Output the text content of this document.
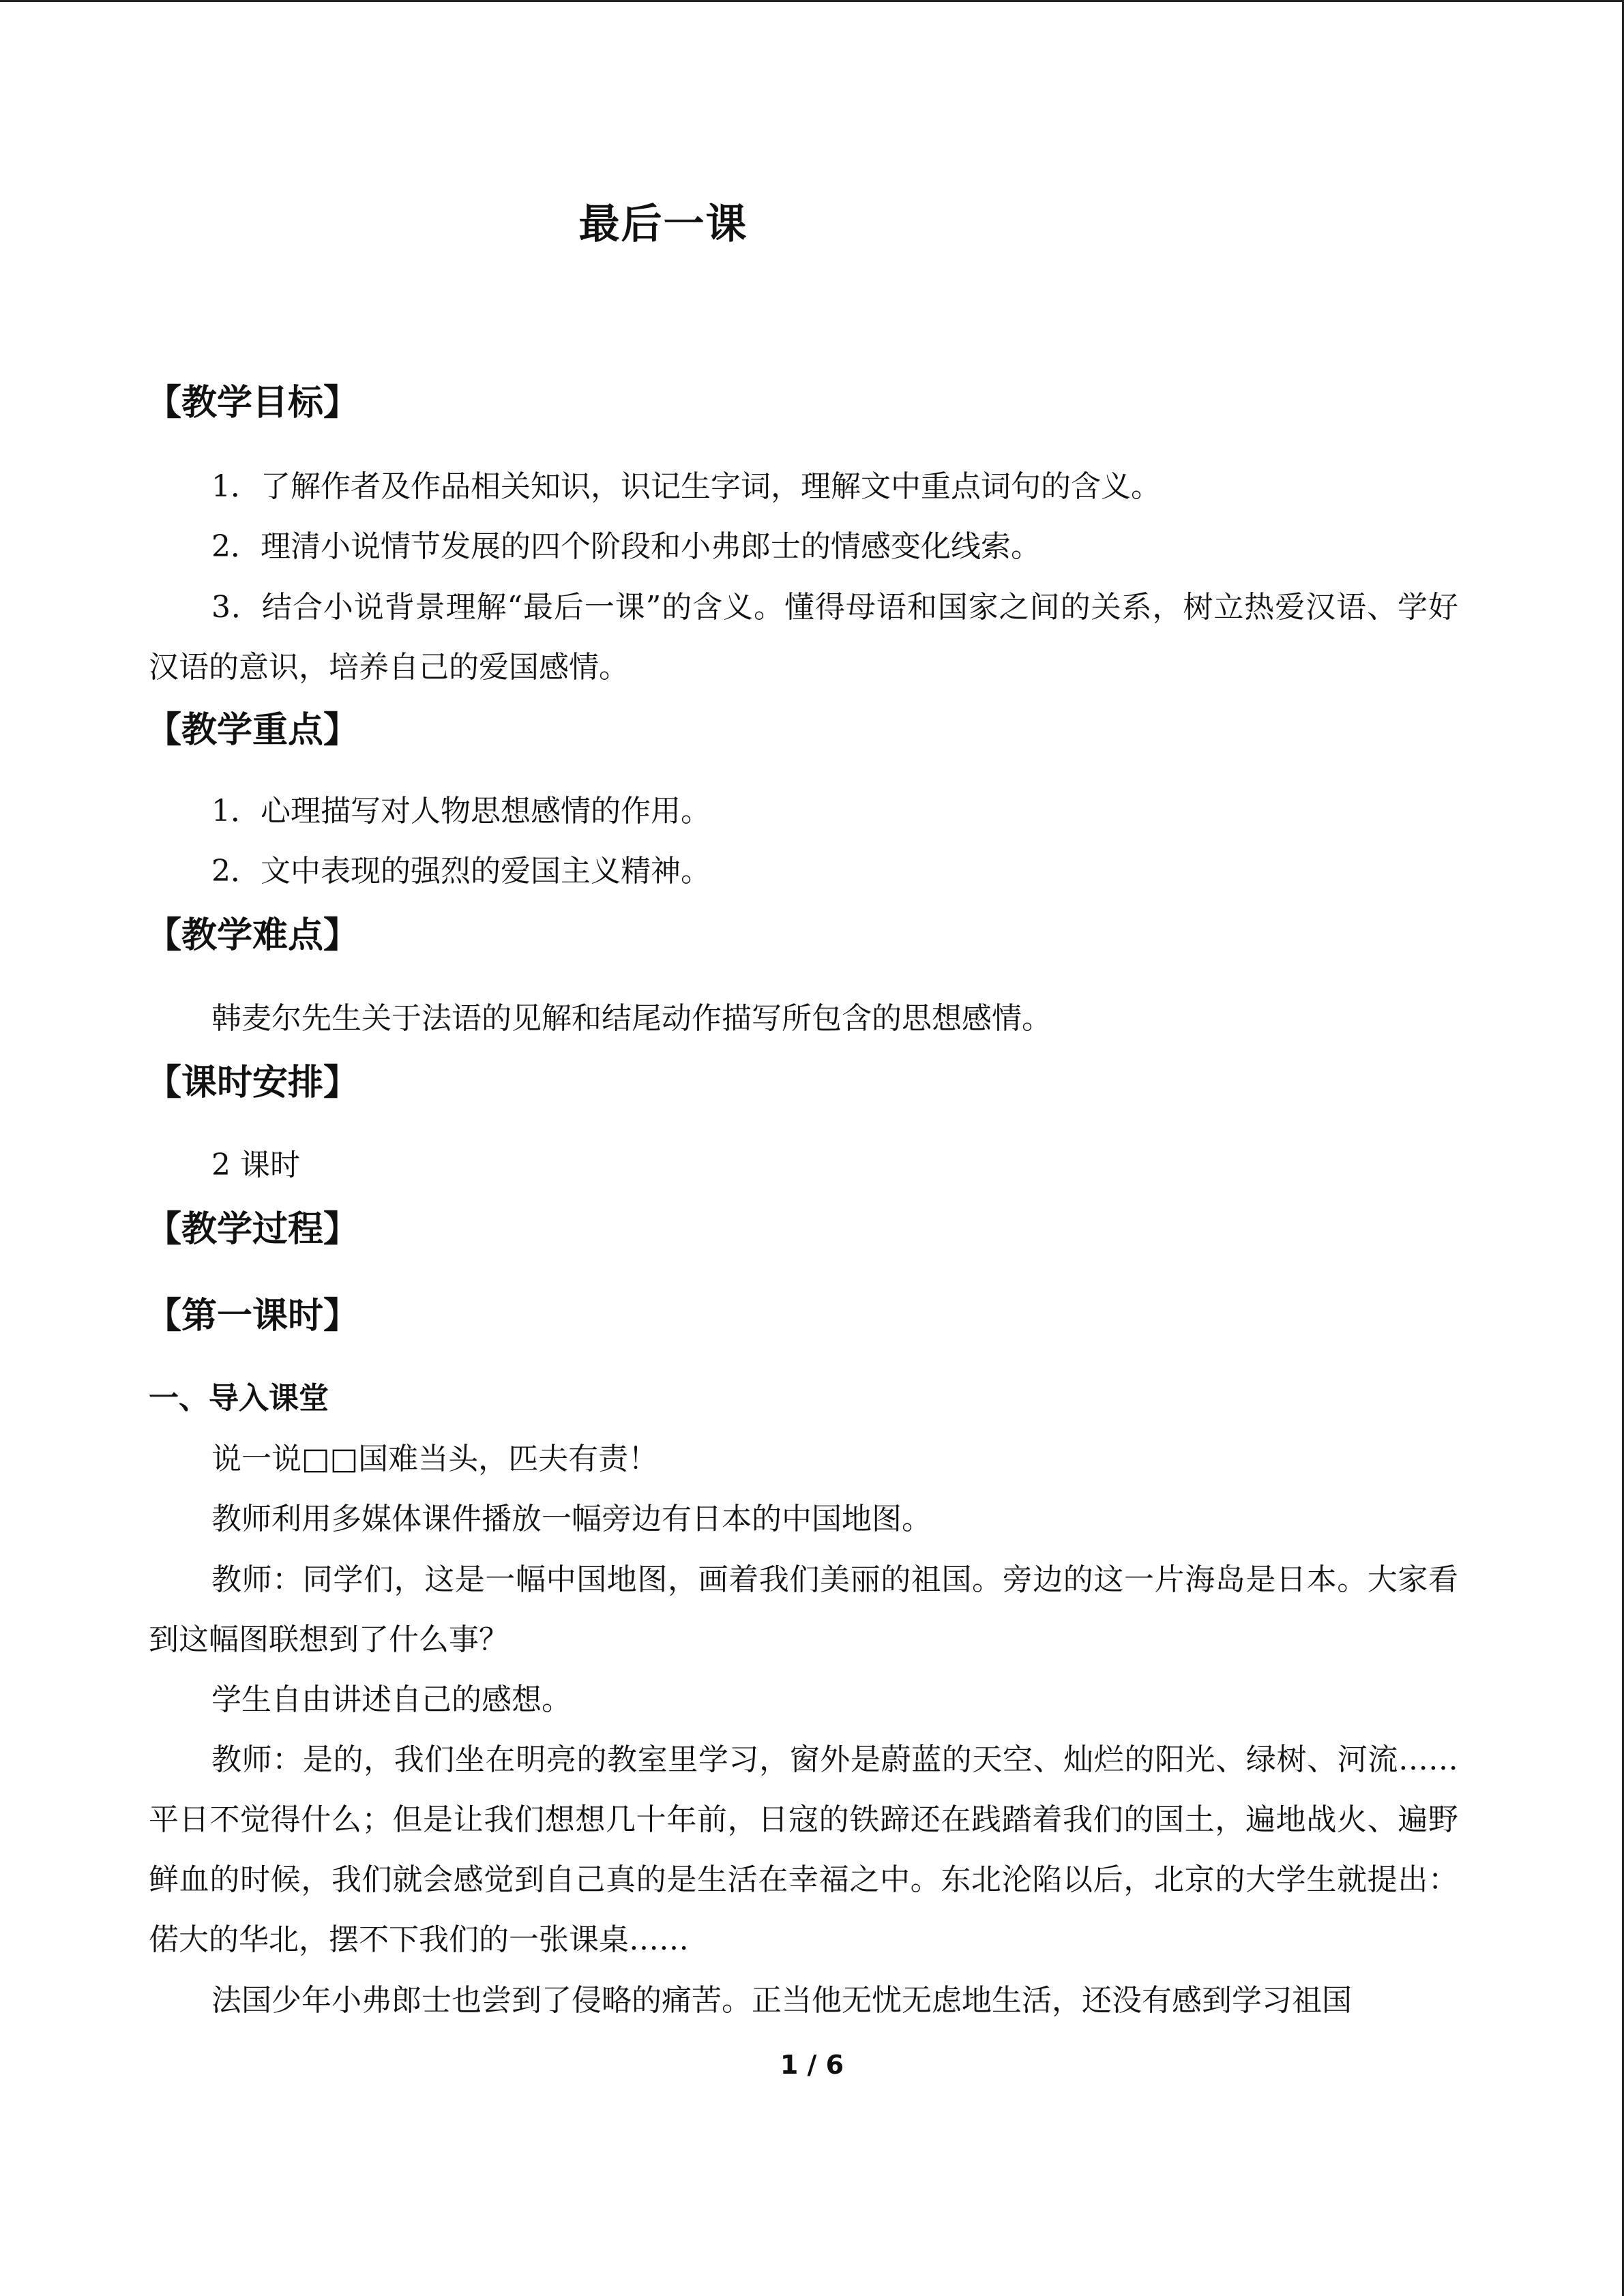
最后一课
【教学目标】
1．了解作者及作品相关知识，识记生字词，理解文中重点词句的含义。
2．理清小说情节发展的四个阶段和小弗郎士的情感变化线索。
3．结合小说背景理解“最后一课”的含义。懂得母语和国家之间的关系，树立热爱汉语、学好汉语的意识，培养自己的爱国感情。
【教学重点】
1．心理描写对人物思想感情的作用。
2．文中表现的强烈的爱国主义精神。
【教学难点】
韩麦尔先生关于法语的见解和结尾动作描写所包含的思想感情。
【课时安排】
2 课时
【教学过程】
【第一课时】
一、导入课堂
说一说□□国难当头，匹夫有责！
教师利用多媒体课件播放一幅旁边有日本的中国地图。
教师：同学们，这是一幅中国地图，画着我们美丽的祖国。旁边的这一片海岛是日本。大家看到这幅图联想到了什么事？
学生自由讲述自己的感想。
教师：是的，我们坐在明亮的教室里学习，窗外是蔚蓝的天空、灿烂的阳光、绿树、河流……平日不觉得什么；但是让我们想想几十年前，日寇的铁蹄还在践踏着我们的国土，遍地战火、遍野鲜血的时候，我们就会感觉到自己真的是生活在幸福之中。东北沦陷以后，北京的大学生就提出：偌大的华北，摆不下我们的一张课桌……
法国少年小弗郎士也尝到了侵略的痛苦。正当他无忧无虑地生活，还没有感到学习祖国
1 / 6
